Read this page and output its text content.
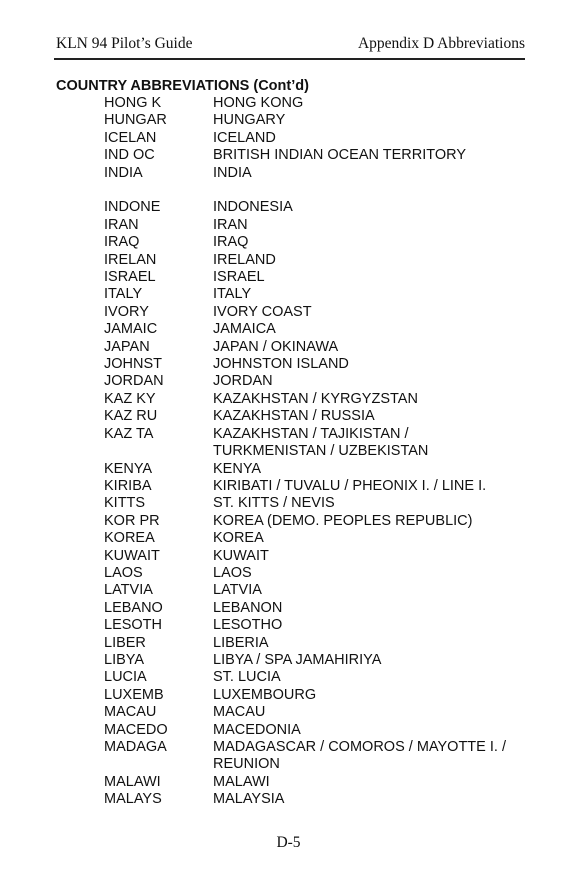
KLN 94 Pilot’s Guide	Appendix D Abbreviations
COUNTRY ABBREVIATIONS (Cont’d)
HONG K	HONG KONG
HUNGAR	HUNGARY
ICELAN	ICELAND
IND OC	BRITISH INDIAN OCEAN TERRITORY
INDIA	INDIA
INDONE	INDONESIA
IRAN	IRAN
IRAQ	IRAQ
IRELAN	IRELAND
ISRAEL	ISRAEL
ITALY	ITALY
IVORY	IVORY COAST
JAMAIC	JAMAICA
JAPAN	JAPAN / OKINAWA
JOHNST	JOHNSTON ISLAND
JORDAN	JORDAN
KAZ KY	KAZAKHSTAN / KYRGYZSTAN
KAZ RU	KAZAKHSTAN / RUSSIA
KAZ TA	KAZAKHSTAN / TAJIKISTAN /
TURKMENISTAN / UZBEKISTAN
KENYA	KENYA
KIRIBA	KIRIBATI / TUVALU / PHEONIX I. / LINE I.
KITTS	ST. KITTS / NEVIS
KOR PR	KOREA (DEMO. PEOPLES REPUBLIC)
KOREA	KOREA
KUWAIT	KUWAIT
LAOS	LAOS
LATVIA	LATVIA
LEBANO	LEBANON
LESOTH	LESOTHO
LIBER	LIBERIA
LIBYA	LIBYA / SPA JAMAHIRIYA
LUCIA	ST. LUCIA
LUXEMB	LUXEMBOURG
MACAU	MACAU
MACEDO	MACEDONIA
MADAGA	MADAGASCAR / COMOROS / MAYOTTE I. /
REUNION
MALAWI	MALAWI
MALAYS	MALAYSIA
D-5
